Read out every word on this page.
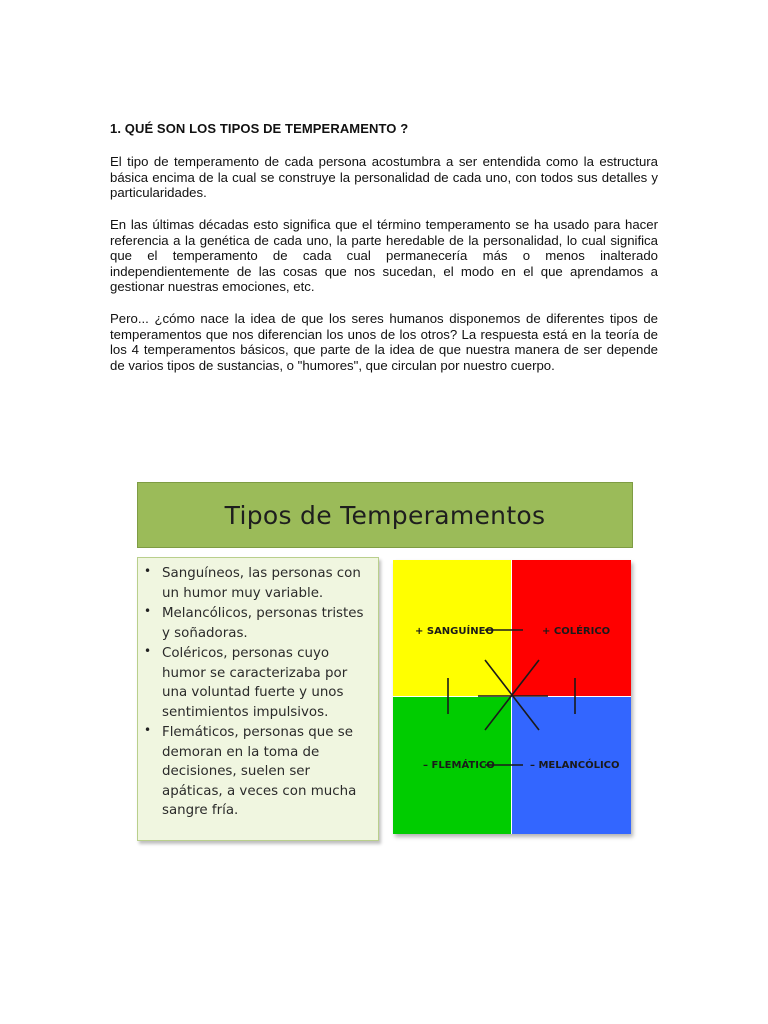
1. QUÉ SON LOS TIPOS DE TEMPERAMENTO ?

El tipo de temperamento de cada persona acostumbra a ser entendida como la estructura básica encima de la cual se construye la personalidad de cada uno, con todos sus detalles y particularidades.

En las últimas décadas esto significa que el término temperamento se ha usado para hacer referencia a la genética de cada uno, la parte heredable de la personalidad, lo cual significa que el temperamento de cada cual permanecería más o menos inalterado independientemente de las cosas que nos sucedan, el modo en el que aprendamos a gestionar nuestras emociones, etc.

Pero... ¿cómo nace la idea de que los seres humanos disponemos de diferentes tipos de temperamentos que nos diferencian los unos de los otros? La respuesta está en la teoría de los 4 temperamentos básicos, que parte de la idea de que nuestra manera de ser depende de varios tipos de sustancias, o "humores", que circulan por nuestro cuerpo.

Tipos de Temperamentos
• Sanguíneos, las personas con un humor muy variable.
• Melancólicos, personas tristes y soñadoras.
• Coléricos, personas cuyo humor se caracterizaba por una voluntad fuerte y unos sentimientos impulsivos.
• Flemáticos, personas que se demoran en la toma de decisiones, suelen ser apáticas, a veces con mucha sangre fría.
+ SANGUÍNEO	+ COLÉRICO
– FLEMÁTICO	– MELANCÓLICO
